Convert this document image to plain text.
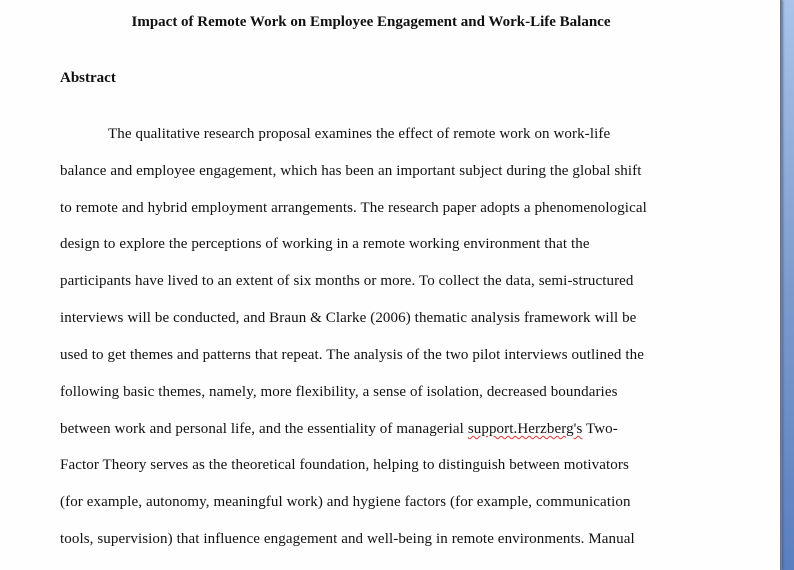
Impact of Remote Work on Employee Engagement and Work-Life Balance
Abstract
The qualitative research proposal examines the effect of remote work on work-life
balance and employee engagement, which has been an important subject during the global shift
to remote and hybrid employment arrangements. The research paper adopts a phenomenological
design to explore the perceptions of working in a remote working environment that the
participants have lived to an extent of six months or more. To collect the data, semi-structured
interviews will be conducted, and Braun & Clarke (2006) thematic analysis framework will be
used to get themes and patterns that repeat. The analysis of the two pilot interviews outlined the
following basic themes, namely, more flexibility, a sense of isolation, decreased boundaries
between work and personal life, and the essentiality of managerial support.Herzberg's Two-
Factor Theory serves as the theoretical foundation, helping to distinguish between motivators
(for example, autonomy, meaningful work) and hygiene factors (for example, communication
tools, supervision) that influence engagement and well-being in remote environments. Manual
